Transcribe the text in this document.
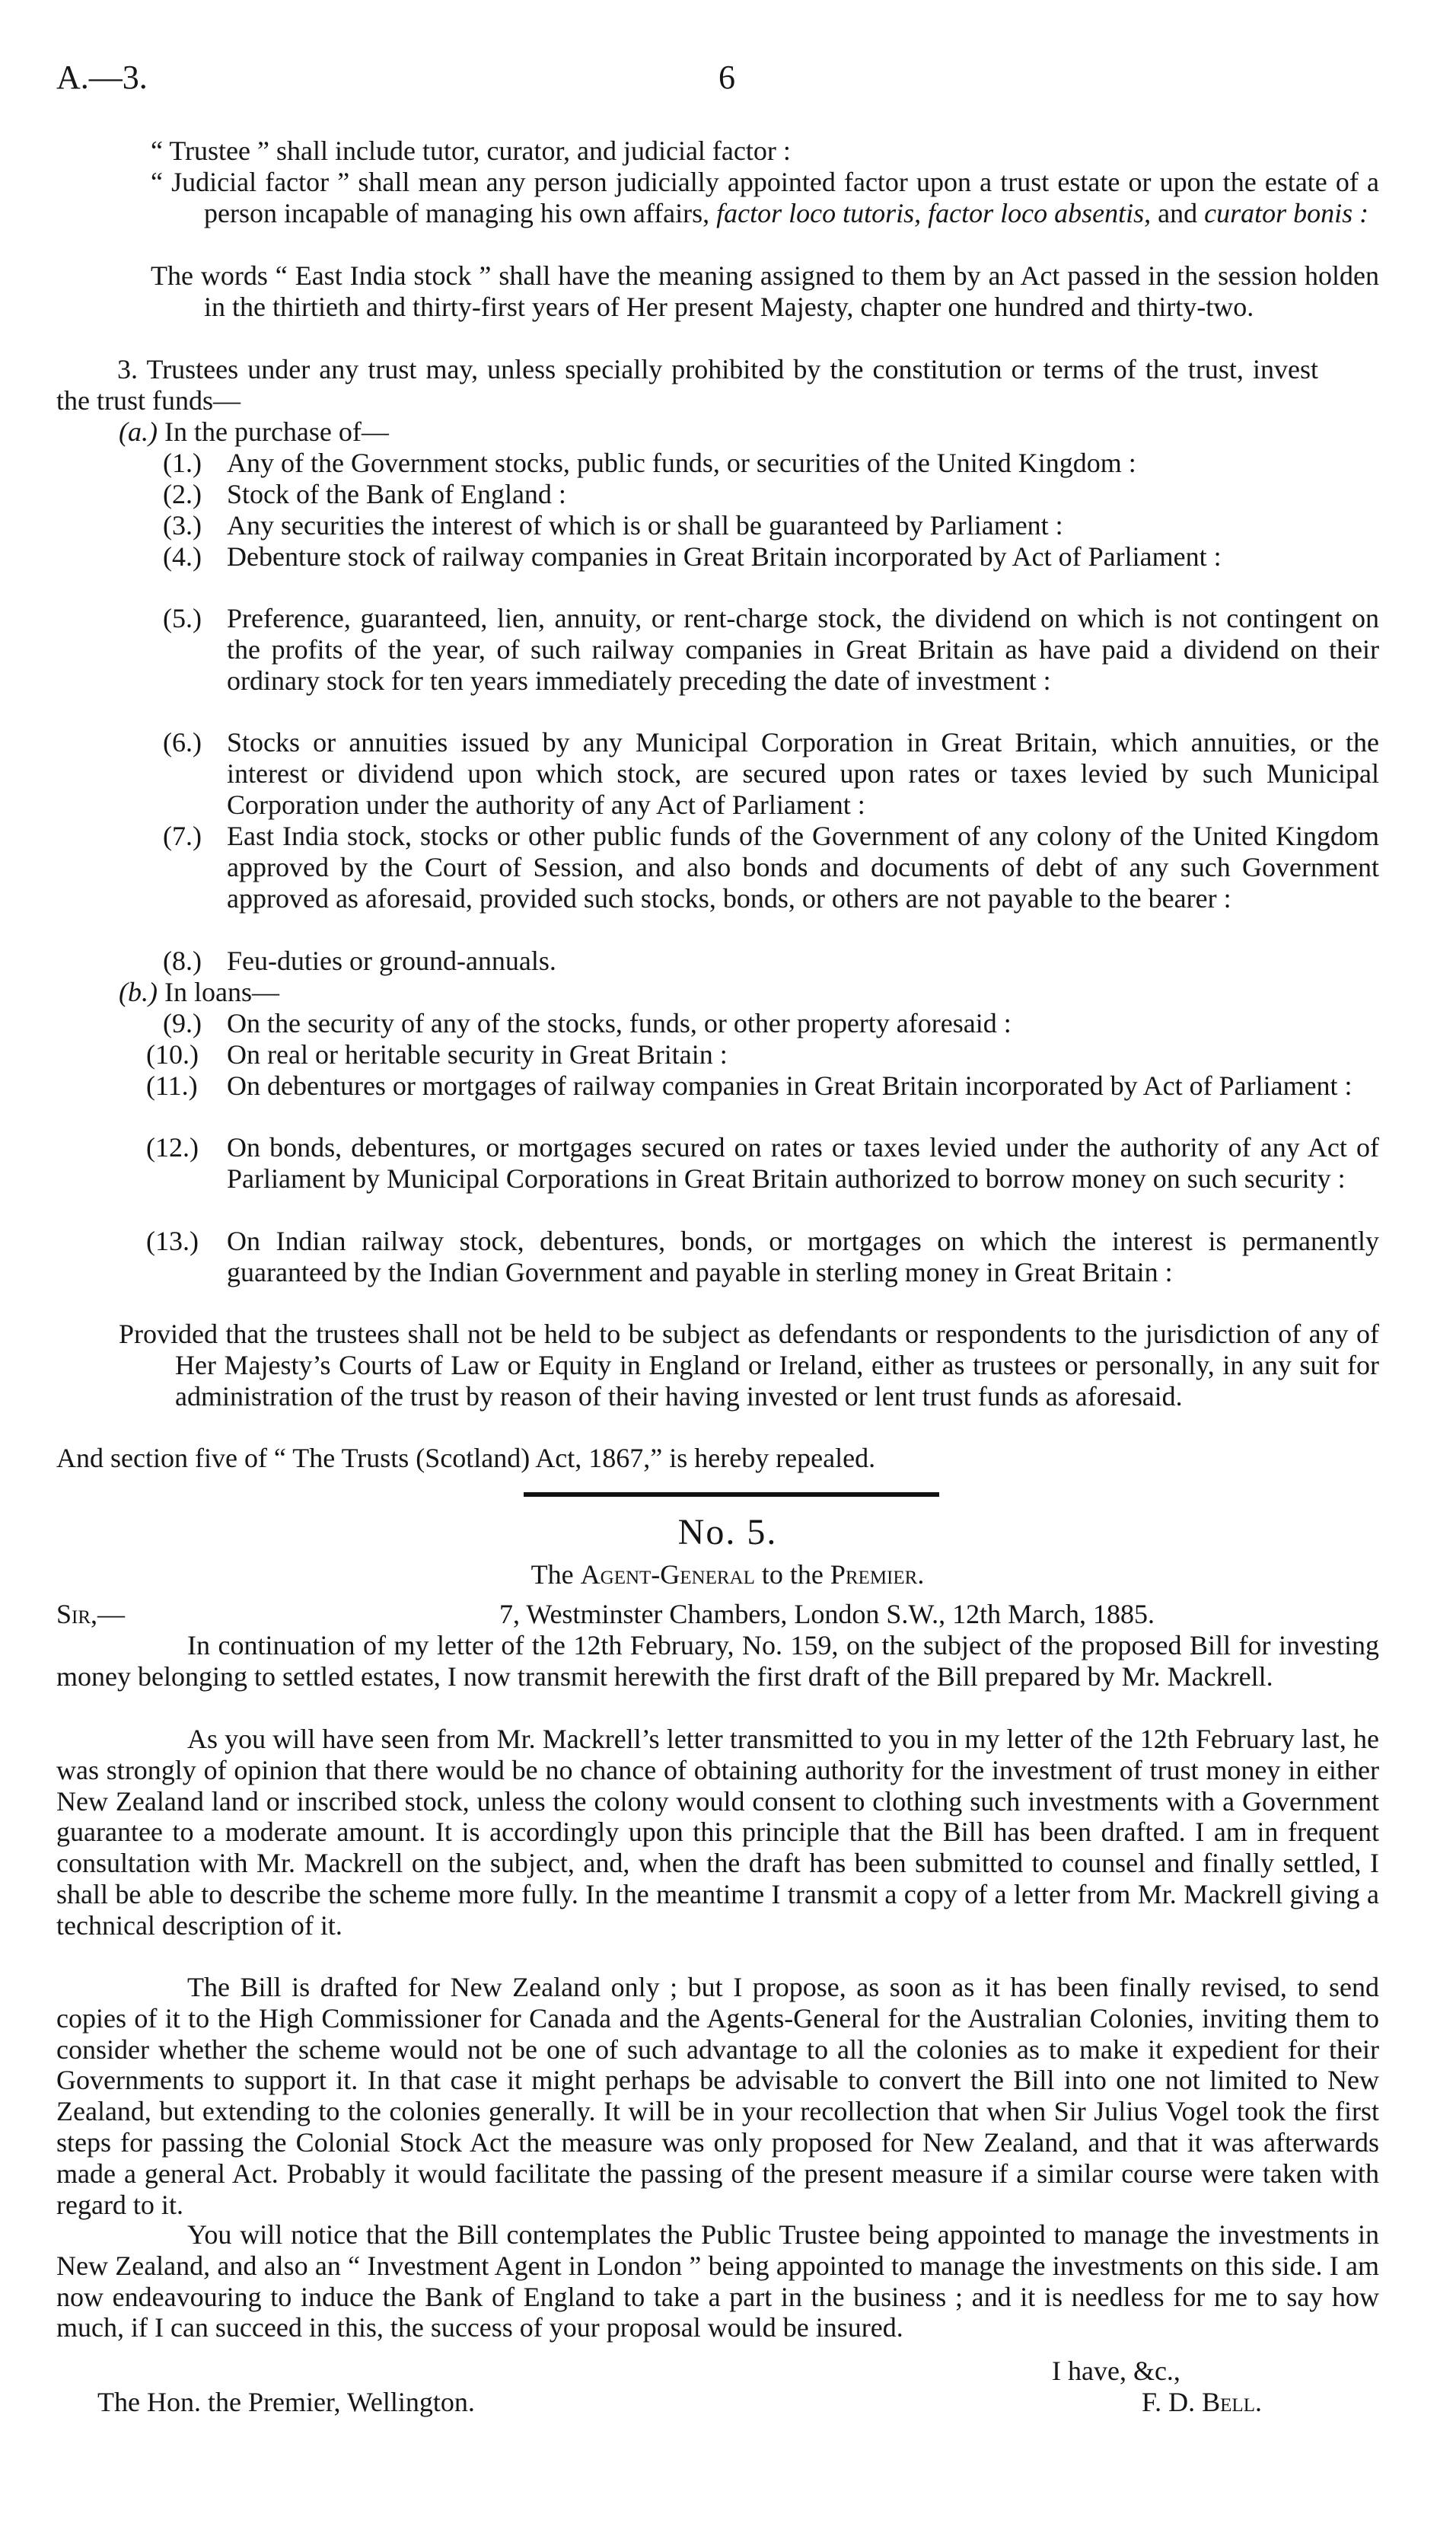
A.—3.	6
“ Trustee ” shall include tutor, curator, and judicial factor :
“ Judicial factor ” shall mean any person judicially appointed factor upon a trust estate or upon the estate of a person incapable of managing his own affairs, factor loco tutoris, factor loco absentis, and curator bonis :
The words “ East India stock ” shall have the meaning assigned to them by an Act passed in the session holden in the thirtieth and thirty-first years of Her present Majesty, chapter one hundred and thirty-two.
3. Trustees under any trust may, unless specially prohibited by the constitution or terms of the trust, invest the trust funds—
(a.) In the purchase of—
(1.) Any of the Government stocks, public funds, or securities of the United Kingdom :
(2.) Stock of the Bank of England :
(3.) Any securities the interest of which is or shall be guaranteed by Parliament :
(4.) Debenture stock of railway companies in Great Britain incorporated by Act of Parliament :
(5.) Preference, guaranteed, lien, annuity, or rent-charge stock, the dividend on which is not contingent on the profits of the year, of such railway companies in Great Britain as have paid a dividend on their ordinary stock for ten years immediately preceding the date of investment :
(6.) Stocks or annuities issued by any Municipal Corporation in Great Britain, which annuities, or the interest or dividend upon which stock, are secured upon rates or taxes levied by such Municipal Corporation under the authority of any Act of Parliament :
(7.) East India stock, stocks or other public funds of the Government of any colony of the United Kingdom approved by the Court of Session, and also bonds and documents of debt of any such Government approved as aforesaid, provided such stocks, bonds, or others are not payable to the bearer :
(8.) Feu-duties or ground-annuals.
(b.) In loans—
(9.) On the security of any of the stocks, funds, or other property aforesaid :
(10.) On real or heritable security in Great Britain :
(11.) On debentures or mortgages of railway companies in Great Britain incorporated by Act of Parliament :
(12.) On bonds, debentures, or mortgages secured on rates or taxes levied under the authority of any Act of Parliament by Municipal Corporations in Great Britain authorized to borrow money on such security :
(13.) On Indian railway stock, debentures, bonds, or mortgages on which the interest is permanently guaranteed by the Indian Government and payable in sterling money in Great Britain :
Provided that the trustees shall not be held to be subject as defendants or respondents to the jurisdiction of any of Her Majesty’s Courts of Law or Equity in England or Ireland, either as trustees or personally, in any suit for administration of the trust by reason of their having invested or lent trust funds as aforesaid.
And section five of “ The Trusts (Scotland) Act, 1867,” is hereby repealed.
No. 5.
The Agent-General to the Premier.
Sir,—	7, Westminster Chambers, London S.W., 12th March, 1885.
In continuation of my letter of the 12th February, No. 159, on the subject of the proposed Bill for investing money belonging to settled estates, I now transmit herewith the first draft of the Bill prepared by Mr. Mackrell.
As you will have seen from Mr. Mackrell’s letter transmitted to you in my letter of the 12th February last, he was strongly of opinion that there would be no chance of obtaining authority for the investment of trust money in either New Zealand land or inscribed stock, unless the colony would consent to clothing such investments with a Government guarantee to a moderate amount. It is accordingly upon this principle that the Bill has been drafted. I am in frequent consultation with Mr. Mackrell on the subject, and, when the draft has been submitted to counsel and finally settled, I shall be able to describe the scheme more fully. In the meantime I transmit a copy of a letter from Mr. Mackrell giving a technical description of it.
The Bill is drafted for New Zealand only ; but I propose, as soon as it has been finally revised, to send copies of it to the High Commissioner for Canada and the Agents-General for the Australian Colonies, inviting them to consider whether the scheme would not be one of such advantage to all the colonies as to make it expedient for their Governments to support it. In that case it might perhaps be advisable to convert the Bill into one not limited to New Zealand, but extending to the colonies generally. It will be in your recollection that when Sir Julius Vogel took the first steps for passing the Colonial Stock Act the measure was only proposed for New Zealand, and that it was afterwards made a general Act. Probably it would facilitate the passing of the present measure if a similar course were taken with regard to it.
You will notice that the Bill contemplates the Public Trustee being appointed to manage the investments in New Zealand, and also an “ Investment Agent in London ” being appointed to manage the investments on this side. I am now endeavouring to induce the Bank of England to take a part in the business ; and it is needless for me to say how much, if I can succeed in this, the success of your proposal would be insured.
I have, &c.,
The Hon. the Premier, Wellington.	F. D. Bell.
